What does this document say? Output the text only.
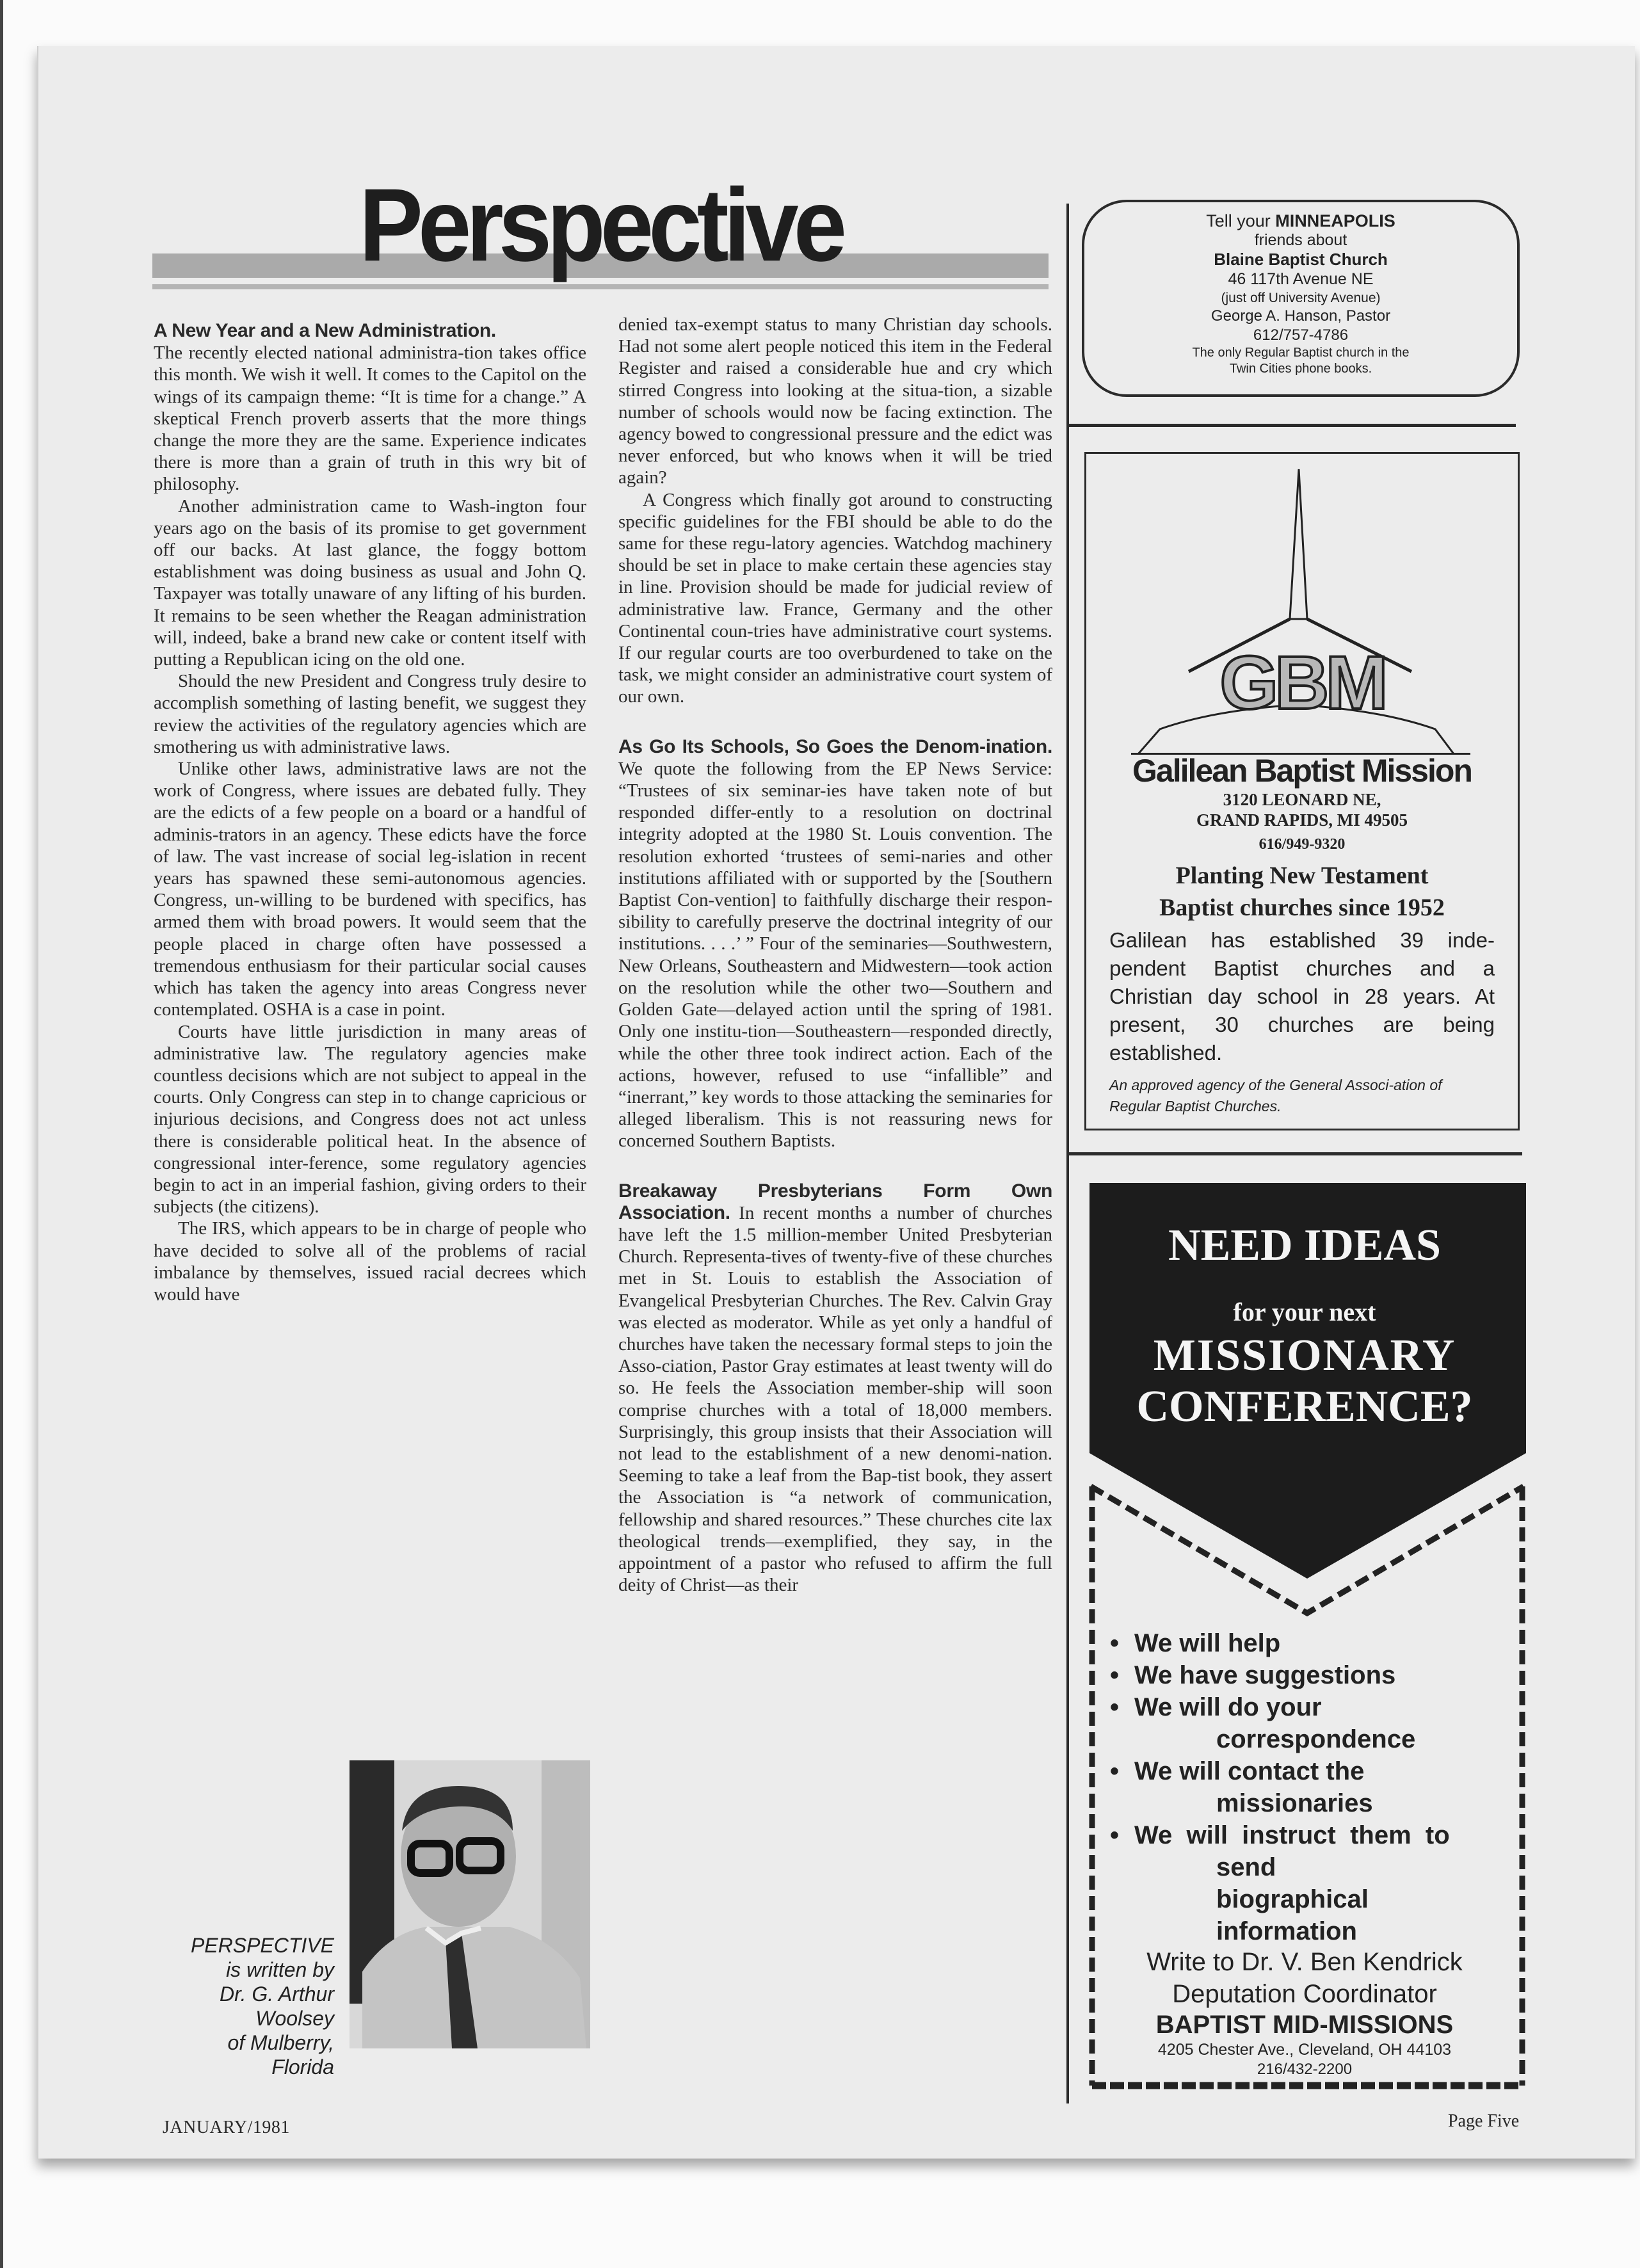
Perspective

A New Year and a New Administration.
The recently elected national administra-tion takes office this month. We wish it well. It comes to the Capitol on the wings of its campaign theme: “It is time for a change.” A skeptical French proverb asserts that the more things change the more they are the same. Experience indicates there is more than a grain of truth in this wry bit of philosophy.

Another administration came to Wash-ington four years ago on the basis of its promise to get government off our backs. At last glance, the foggy bottom establishment was doing business as usual and John Q. Taxpayer was totally unaware of any lifting of his burden. It remains to be seen whether the Reagan administration will, indeed, bake a brand new cake or content itself with putting a Republican icing on the old one.

Should the new President and Congress truly desire to accomplish something of lasting benefit, we suggest they review the activities of the regulatory agencies which are smothering us with administrative laws.

Unlike other laws, administrative laws are not the work of Congress, where issues are debated fully. They are the edicts of a few people on a board or a handful of adminis-trators in an agency. These edicts have the force of law. The vast increase of social leg-islation in recent years has spawned these semi-autonomous agencies. Congress, un-willing to be burdened with specifics, has armed them with broad powers. It would seem that the people placed in charge often have possessed a tremendous enthusiasm for their particular social causes which has taken the agency into areas Congress never contemplated. OSHA is a case in point.

Courts have little jurisdiction in many areas of administrative law. The regulatory agencies make countless decisions which are not subject to appeal in the courts. Only Congress can step in to change capricious or injurious decisions, and Congress does not act unless there is considerable political heat. In the absence of congressional inter-ference, some regulatory agencies begin to act in an imperial fashion, giving orders to their subjects (the citizens).

The IRS, which appears to be in charge of people who have decided to solve all of the problems of racial imbalance by themselves, issued racial decrees which would have

PERSPECTIVE
is written by
Dr. G. Arthur
Woolsey
of Mulberry,
Florida

denied tax-exempt status to many Christian day schools. Had not some alert people noticed this item in the Federal Register and raised a considerable hue and cry which stirred Congress into looking at the situa-tion, a sizable number of schools would now be facing extinction. The agency bowed to congressional pressure and the edict was never enforced, but who knows when it will be tried again?

A Congress which finally got around to constructing specific guidelines for the FBI should be able to do the same for these regu-latory agencies. Watchdog machinery should be set in place to make certain these agencies stay in line. Provision should be made for judicial review of administrative law. France, Germany and the other Continental coun-tries have administrative court systems. If our regular courts are too overburdened to take on the task, we might consider an administrative court system of our own.

As Go Its Schools, So Goes the Denom-ination. We quote the following from the EP News Service: “Trustees of six seminar-ies have taken note of but responded differ-ently to a resolution on doctrinal integrity adopted at the 1980 St. Louis convention. The resolution exhorted ‘trustees of semi-naries and other institutions affiliated with or supported by the [Southern Baptist Con-vention] to faithfully discharge their respon-sibility to carefully preserve the doctrinal integrity of our institutions. . . .’ ” Four of the seminaries—Southwestern, New Orleans, Southeastern and Midwestern—took action on the resolution while the other two—Southern and Golden Gate—delayed action until the spring of 1981. Only one institu-tion—Southeastern—responded directly, while the other three took indirect action. Each of the actions, however, refused to use “infallible” and “inerrant,” key words to those attacking the seminaries for alleged liberalism. This is not reassuring news for concerned Southern Baptists.

Breakaway Presbyterians Form Own Association. In recent months a number of churches have left the 1.5 million-member United Presbyterian Church. Representa-tives of twenty-five of these churches met in St. Louis to establish the Association of Evangelical Presbyterian Churches. The Rev. Calvin Gray was elected as moderator. While as yet only a handful of churches have taken the necessary formal steps to join the Asso-ciation, Pastor Gray estimates at least twenty will do so. He feels the Association member-ship will soon comprise churches with a total of 18,000 members. Surprisingly, this group insists that their Association will not lead to the establishment of a new denomi-nation. Seeming to take a leaf from the Bap-tist book, they assert the Association is “a network of communication, fellowship and shared resources.” These churches cite lax theological trends—exemplified, they say, in the appointment of a pastor who refused to affirm the full deity of Christ—as their

Tell your MINNEAPOLIS
friends about
Blaine Baptist Church
46 117th Avenue NE
(just off University Avenue)
George A. Hanson, Pastor
612/757-4786
The only Regular Baptist church in the
Twin Cities phone books.
GBM
Galilean Baptist Mission
3120 LEONARD NE,
GRAND RAPIDS, MI 49505
616/949-9320
Planting New Testament
Baptist churches since 1952
Galilean has established 39 inde-pendent Baptist churches and a Christian day school in 28 years. At present, 30 churches are being established.
An approved agency of the General Associ-ation of Regular Baptist Churches.
NEED IDEAS
for your next
MISSIONARY
CONFERENCE?
• We will help
• We have suggestions
• We will do your
correspondence
• We will contact the
missionaries
• We  will  instruct  them  to
send biographical information
Write to Dr. V. Ben Kendrick
Deputation Coordinator
BAPTIST MID-MISSIONS
4205 Chester Ave., Cleveland, OH 44103
216/432-2200
JANUARY/1981	Page Five
